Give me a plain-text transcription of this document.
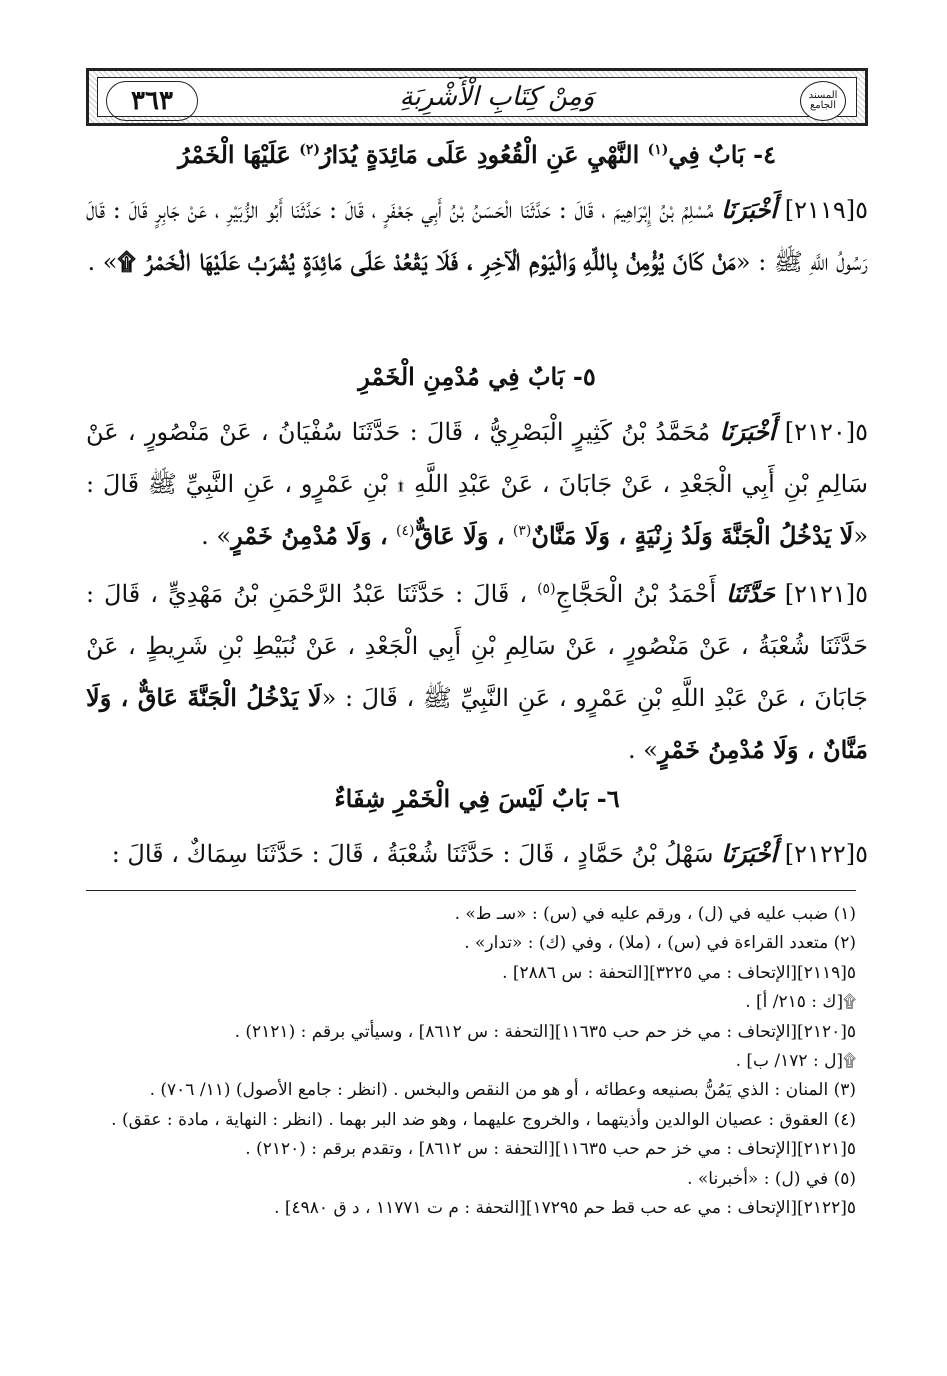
المسند الجامع
وَمِنْ كِتَابِ الْأَشْرِبَةِ
٣٦٣
٤- بَابٌ فِي$^{(١)}$ النَّهْيِ عَنِ الْقُعُودِ عَلَى مَائِدَةٍ يُدَارُ$^{(٢)}$ عَلَيْهَا الْخَمْرُ
٥[٢١١٩] أَخْبَرَنَا مُسْلِمُ بْنُ إِبْرَاهِيمَ ، قَالَ : حَدَّثَنَا الْحَسَنُ بْنُ أَبِي جَعْفَرٍ ، قَالَ : حَدَّثَنَا أَبُو الزُّبَيْرِ ، عَنْ جَابِرٍ قَالَ : قَالَ رَسُولُ اللَّهِ ﷺ : «مَنْ كَانَ يُؤْمِنُ بِاللَّهِ وَالْيَوْمِ الْآخِرِ ، فَلَا يَقْعُدْ عَلَى مَائِدَةٍ يُشْرَبُ عَلَيْهَا الْخَمْرُ ۩» .
٥- بَابٌ فِي مُدْمِنِ الْخَمْرِ
٥[٢١٢٠] أَخْبَرَنَا مُحَمَّدُ بْنُ كَثِيرٍ الْبَصْرِيُّ ، قَالَ : حَدَّثَنَا سُفْيَانُ ، عَنْ مَنْصُورٍ ، عَنْ سَالِمِ بْنِ أَبِي الْجَعْدِ ، عَنْ جَابَانَ ، عَنْ عَبْدِ اللَّهِ ۩ بْنِ عَمْرٍو ، عَنِ النَّبِيِّ ﷺ قَالَ : «لَا يَدْخُلُ الْجَنَّةَ وَلَدُ زِنْيَةٍ ، وَلَا مَنَّانٌ$^{(٣)}$ ، وَلَا عَاقٌّ$^{(٤)}$ ، وَلَا مُدْمِنُ خَمْرٍ» .
٥[٢١٢١] حَدَّثَنَا أَحْمَدُ بْنُ الْحَجَّاجِ$^{(٥)}$ ، قَالَ : حَدَّثَنَا عَبْدُ الرَّحْمَنِ بْنُ مَهْدِيٍّ ، قَالَ : حَدَّثَنَا شُعْبَةُ ، عَنْ مَنْصُورٍ ، عَنْ سَالِمِ بْنِ أَبِي الْجَعْدِ ، عَنْ نُبَيْطِ بْنِ شَرِيطٍ ، عَنْ جَابَانَ ، عَنْ عَبْدِ اللَّهِ بْنِ عَمْرٍو ، عَنِ النَّبِيِّ ﷺ ، قَالَ : «لَا يَدْخُلُ الْجَنَّةَ عَاقٌّ ، وَلَا مَنَّانٌ ، وَلَا مُدْمِنُ خَمْرٍ» .
٦- بَابٌ لَيْسَ فِي الْخَمْرِ شِفَاءٌ
٥[٢١٢٢] أَخْبَرَنَا سَهْلُ بْنُ حَمَّادٍ ، قَالَ : حَدَّثَنَا شُعْبَةُ ، قَالَ : حَدَّثَنَا سِمَاكٌ ، قَالَ :
(١) ضبب عليه في (ل) ، ورقم عليه في (س) : «سـ ط» .
(٢) متعدد القراءة في (س) ، (ملا) ، وفي (ك) : «تدار» .
٥[٢١١٩][الإتحاف : مي ٣٢٢٥][التحفة : س ٢٨٨٦] .
۩[ك : ٢١٥/ أ] .
٥[٢١٢٠][الإتحاف : مي خز حم حب ١١٦٣٥][التحفة : س ٨٦١٢] ، وسيأتي برقم : (٢١٢١) .
۩[ل : ١٧٢/ ب] .
(٣) المنان : الذي يَمُنُّ بصنيعه وعطائه ، أو هو من النقص والبخس . (انظر : جامع الأصول) (١١/ ٧٠٦) .
(٤) العقوق : عصيان الوالدين وأذيتهما ، والخروج عليهما ، وهو ضد البر بهما . (انظر : النهاية ، مادة : عقق) .
٥[٢١٢١][الإتحاف : مي خز حم حب ١١٦٣٥][التحفة : س ٨٦١٢] ، وتقدم برقم : (٢١٢٠) .
(٥) في (ل) : «أخبرنا» .
٥[٢١٢٢][الإتحاف : مي عه حب قط حم ١٧٢٩٥][التحفة : م ت ١١٧٧١ ، د ق ٤٩٨٠] .
